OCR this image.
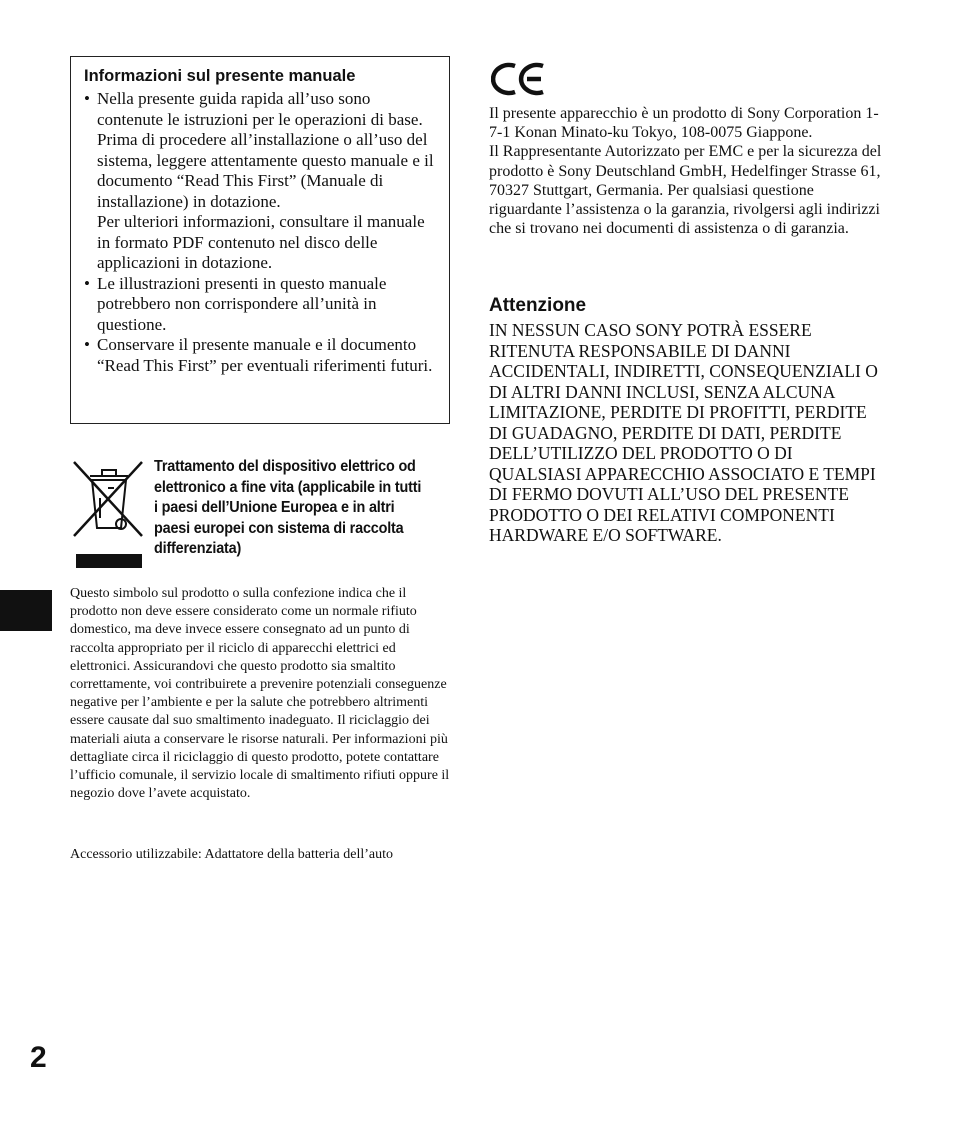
Informazioni sul presente manuale

• Nella presente guida rapida all’uso sono contenute le istruzioni per le operazioni di base.

Prima di procedere all’installazione o all’uso del sistema, leggere attentamente questo manuale e il documento “Read This First” (Manuale di installazione) in dotazione.

Per ulteriori informazioni, consultare il manuale in formato PDF contenuto nel disco delle applicazioni in dotazione.

• Le illustrazioni presenti in questo manuale potrebbero non corrispondere all’unità in questione.

• Conservare il presente manuale e il documento “Read This First” per eventuali riferimenti futuri.

Trattamento del dispositivo elettrico od elettronico a fine vita (applicabile in tutti i paesi dell’Unione Europea e in altri paesi europei con sistema di raccolta differenziata)

Questo simbolo sul prodotto o sulla confezione indica che il prodotto non deve essere considerato come un normale rifiuto domestico, ma deve invece essere consegnato ad un punto di raccolta appropriato per il riciclo di apparecchi elettrici ed elettronici. Assicurandovi che questo prodotto sia smaltito correttamente, voi contribuirete a prevenire potenziali conseguenze negative per l’ambiente e per la salute che potrebbero altrimenti essere causate dal suo smaltimento inadeguato. Il riciclaggio dei materiali aiuta a conservare le risorse naturali. Per informazioni più dettagliate circa il riciclaggio di questo prodotto, potete contattare l’ufficio comunale, il servizio locale di smaltimento rifiuti oppure il negozio dove l’avete acquistato.

Accessorio utilizzabile: Adattatore della batteria dell’auto

2

Il presente apparecchio è un prodotto di Sony Corporation 1-7-1 Konan Minato-ku Tokyo, 108-0075 Giappone.

Il Rappresentante Autorizzato per EMC e per la sicurezza del prodotto è Sony Deutschland GmbH, Hedelfinger Strasse 61, 70327 Stuttgart, Germania. Per qualsiasi questione riguardante l’assistenza o la garanzia, rivolgersi agli indirizzi che si trovano nei documenti di assistenza o di garanzia.

Attenzione

IN NESSUN CASO SONY POTRÀ ESSERE RITENUTA RESPONSABILE DI DANNI ACCIDENTALI, INDIRETTI, CONSEQUENZIALI O DI ALTRI DANNI INCLUSI, SENZA ALCUNA LIMITAZIONE, PERDITE DI PROFITTI, PERDITE DI GUADAGNO, PERDITE DI DATI, PERDITE DELL’UTILIZZO DEL PRODOTTO O DI QUALSIASI APPARECCHIO ASSOCIATO E TEMPI DI FERMO DOVUTI ALL’USO DEL PRESENTE PRODOTTO O DEI RELATIVI COMPONENTI HARDWARE E/O SOFTWARE.
